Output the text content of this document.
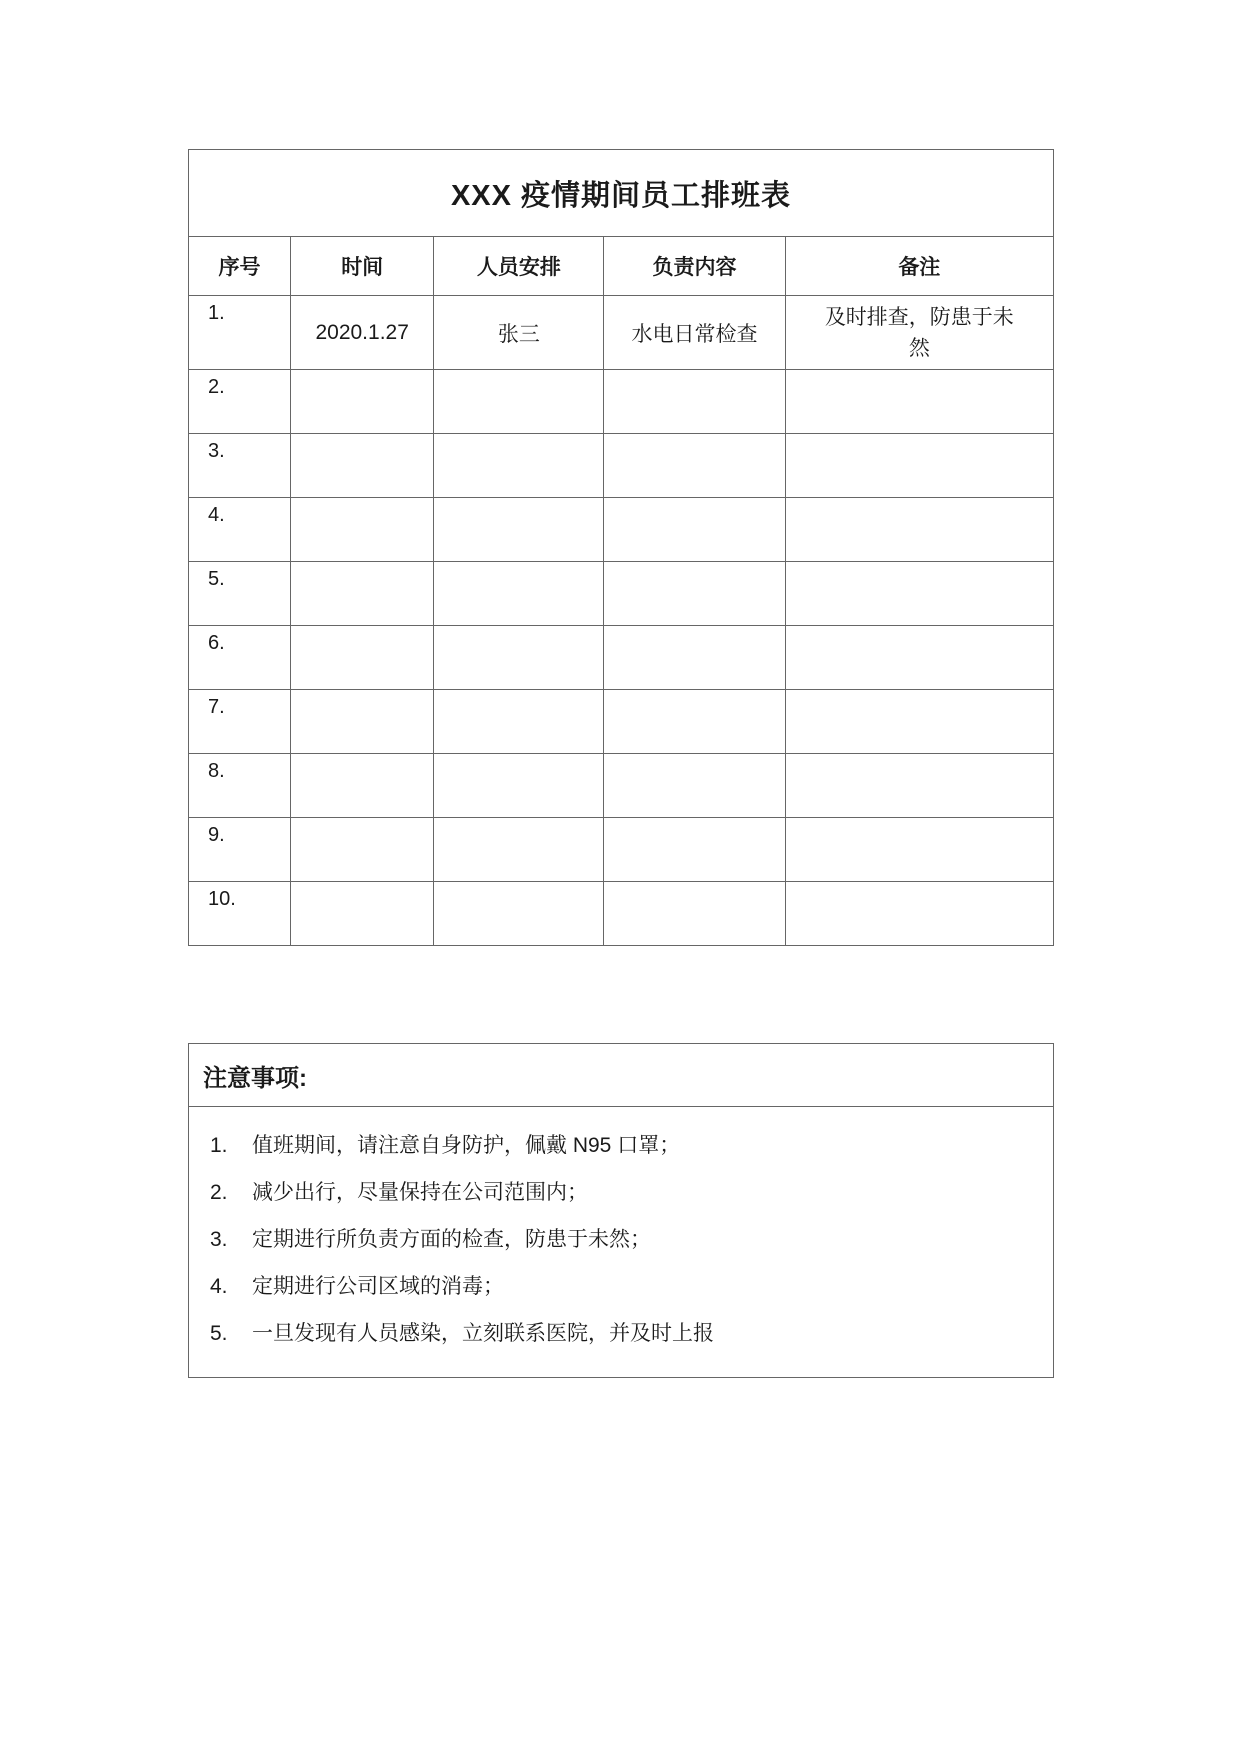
XXX 疫情期间员工排班表				
序号	时间	人员安排	负责内容	备注
1.	2020.1.27	张三	水电日常检查	及时排查，防患于未然
2.				
3.				
4.				
5.				
6.				
7.				
8.				
9.				
10.				
注意事项:

1.	值班期间，请注意自身防护，佩戴 N95 口罩；
2.	减少出行，尽量保持在公司范围内；
3.	定期进行所负责方面的检查，防患于未然；
4.	定期进行公司区域的消毒；
5.	一旦发现有人员感染，立刻联系医院，并及时上报
